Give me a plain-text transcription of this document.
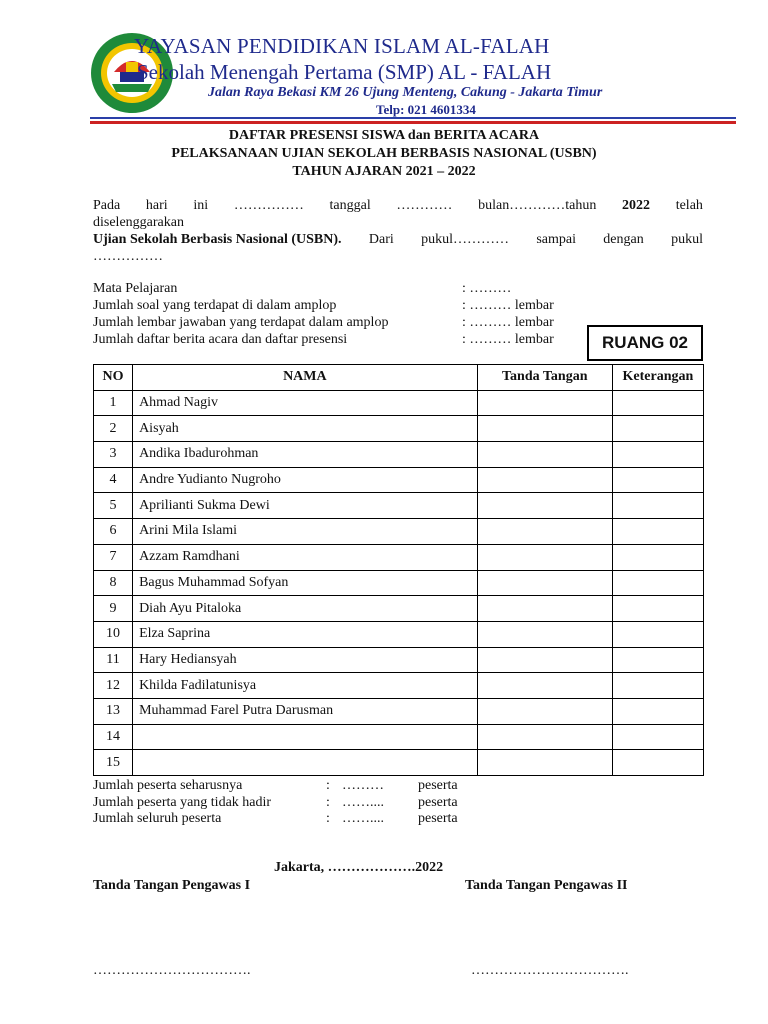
YAYASAN PENDIDIKAN ISLAM AL-FALAH
Sekolah Menengah Pertama (SMP) AL - FALAH
Jalan Raya Bekasi KM 26 Ujung Menteng, Cakung - Jakarta Timur
Telp: 021 4601334
DAFTAR PRESENSI SISWA dan BERITA ACARA
PELAKSANAAN UJIAN SEKOLAH BERBASIS NASIONAL (USBN)
TAHUN AJARAN 2021 – 2022
Pada hari ini …………… tanggal ………… bulan…………tahun 2022 telah
diselenggarakan
Ujian Sekolah Berbasis Nasional (USBN). Dari pukul………… sampai dengan pukul
……………
Mata Pelajaran	: ………
Jumlah soal yang terdapat di dalam amplop	: ……… lembar
Jumlah lembar jawaban yang terdapat dalam amplop	: ……… lembar
Jumlah daftar berita acara dan daftar presensi	: ……… lembar	RUANG 02
NO	NAMA	Tanda Tangan	Keterangan
1	Ahmad Nagiv		
2	Aisyah		
3	Andika Ibadurohman		
4	Andre Yudianto Nugroho		
5	Aprilianti Sukma Dewi		
6	Arini Mila Islami		
7	Azzam Ramdhani		
8	Bagus Muhammad Sofyan		
9	Diah Ayu Pitaloka		
10	Elza Saprina		
11	Hary Hediansyah		
12	Khilda Fadilatunisya		
13	Muhammad Farel Putra Darusman		
14			
15			
Jumlah peserta seharusnya	: ……… peserta
Jumlah peserta yang tidak hadir	: …….... peserta
Jumlah seluruh peserta	: …….... peserta
Jakarta, ……………….2022
Tanda Tangan Pengawas I	Tanda Tangan Pengawas II
…………………………….	…………………………….
